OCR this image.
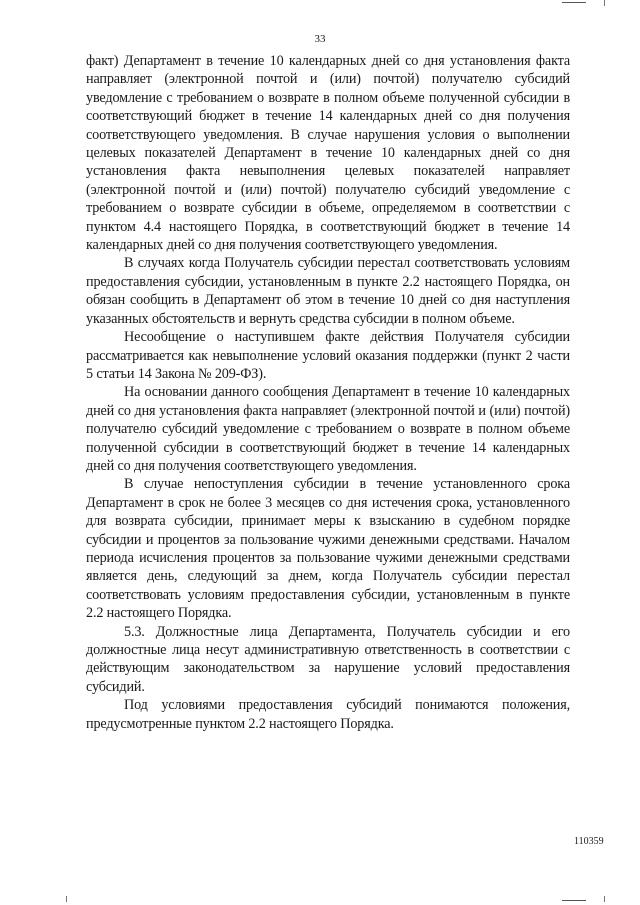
33

факт) Департамент в течение 10 календарных дней со дня установления факта направляет (электронной почтой и (или) почтой) получателю субсидий уведомление с требованием о возврате в полном объеме полученной субсидии в соответствующий бюджет в течение 14 календарных дней со дня получения соответствующего уведомления. В случае нарушения условия о выполнении целевых показателей Департамент в течение 10 календарных дней со дня установления факта невыполнения целевых показателей направляет (электронной почтой и (или) почтой) получателю субсидий уведомление с требованием о возврате субсидии в объеме, определяемом в соответствии с пунктом 4.4 настоящего Порядка, в соответствующий бюджет в течение 14 календарных дней со дня получения соответствующего уведомления.

В случаях когда Получатель субсидии перестал соответствовать условиям предоставления субсидии, установленным в пункте 2.2 настоящего Порядка, он обязан сообщить в Департамент об этом в течение 10 дней со дня наступления указанных обстоятельств и вернуть средства субсидии в полном объеме.

Несообщение о наступившем факте действия Получателя субсидии рассматривается как невыполнение условий оказания поддержки (пункт 2 части 5 статьи 14 Закона № 209-ФЗ).

На основании данного сообщения Департамент в течение 10 календарных дней со дня установления факта направляет (электронной почтой и (или) почтой) получателю субсидий уведомление с требованием о возврате в полном объеме полученной субсидии в соответствующий бюджет в течение 14 календарных дней со дня получения соответствующего уведомления.

В случае непоступления субсидии в течение установленного срока Департамент в срок не более 3 месяцев со дня истечения срока, установленного для возврата субсидии, принимает меры к взысканию в судебном порядке субсидии и процентов за пользование чужими денежными средствами. Началом периода исчисления процентов за пользование чужими денежными средствами является день, следующий за днем, когда Получатель субсидии перестал соответствовать условиям предоставления субсидии, установленным в пункте 2.2 настоящего Порядка.

5.3. Должностные лица Департамента, Получатель субсидии и его должностные лица несут административную ответственность в соответствии с действующим законодательством за нарушение условий предоставления субсидий.

Под условиями предоставления субсидий понимаются положения, предусмотренные пунктом 2.2 настоящего Порядка.

110359
